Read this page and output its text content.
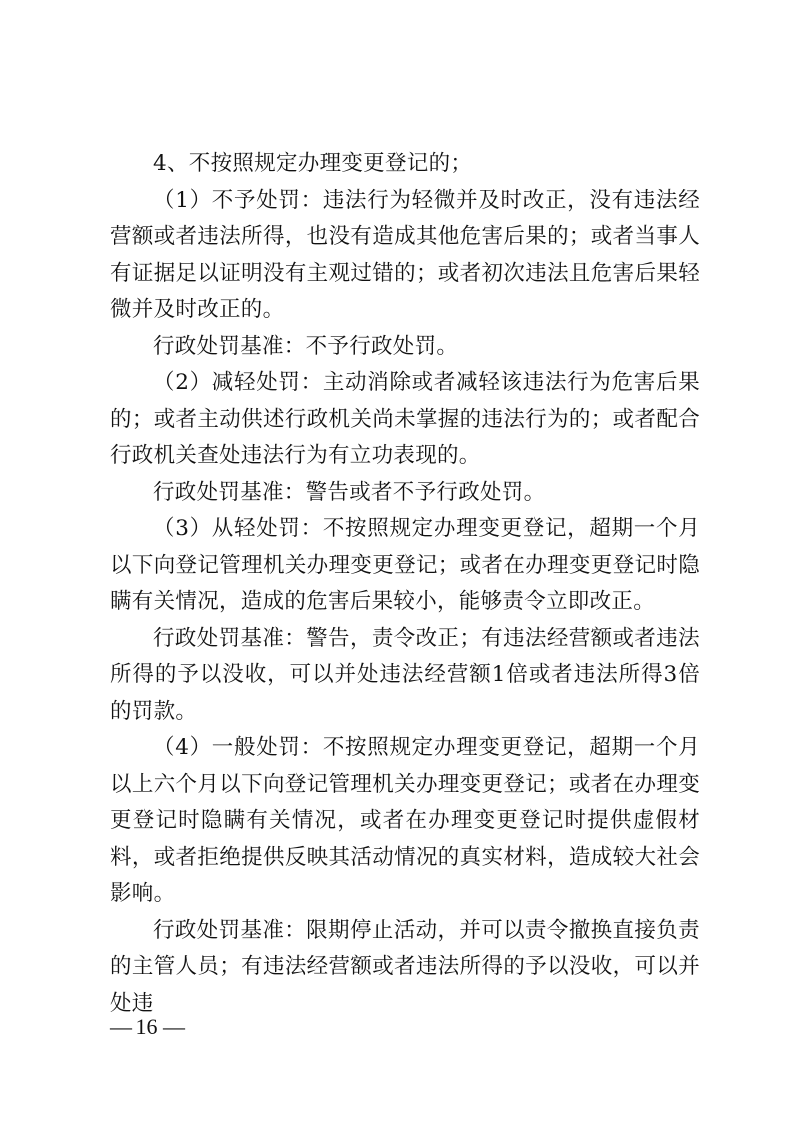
4、不按照规定办理变更登记的；

（1）不予处罚：违法行为轻微并及时改正，没有违法经营额或者违法所得，也没有造成其他危害后果的；或者当事人有证据足以证明没有主观过错的；或者初次违法且危害后果轻微并及时改正的。

行政处罚基准：不予行政处罚。

（2）减轻处罚：主动消除或者减轻该违法行为危害后果的；或者主动供述行政机关尚未掌握的违法行为的；或者配合行政机关查处违法行为有立功表现的。

行政处罚基准：警告或者不予行政处罚。

（3）从轻处罚：不按照规定办理变更登记，超期一个月以下向登记管理机关办理变更登记；或者在办理变更登记时隐瞒有关情况，造成的危害后果较小，能够责令立即改正。

行政处罚基准：警告，责令改正；有违法经营额或者违法所得的予以没收，可以并处违法经营额1倍或者违法所得3倍的罚款。

（4）一般处罚：不按照规定办理变更登记，超期一个月以上六个月以下向登记管理机关办理变更登记；或者在办理变更登记时隐瞒有关情况，或者在办理变更登记时提供虚假材料，或者拒绝提供反映其活动情况的真实材料，造成较大社会影响。

行政处罚基准：限期停止活动，并可以责令撤换直接负责的主管人员；有违法经营额或者违法所得的予以没收，可以并处违

— 16 —
